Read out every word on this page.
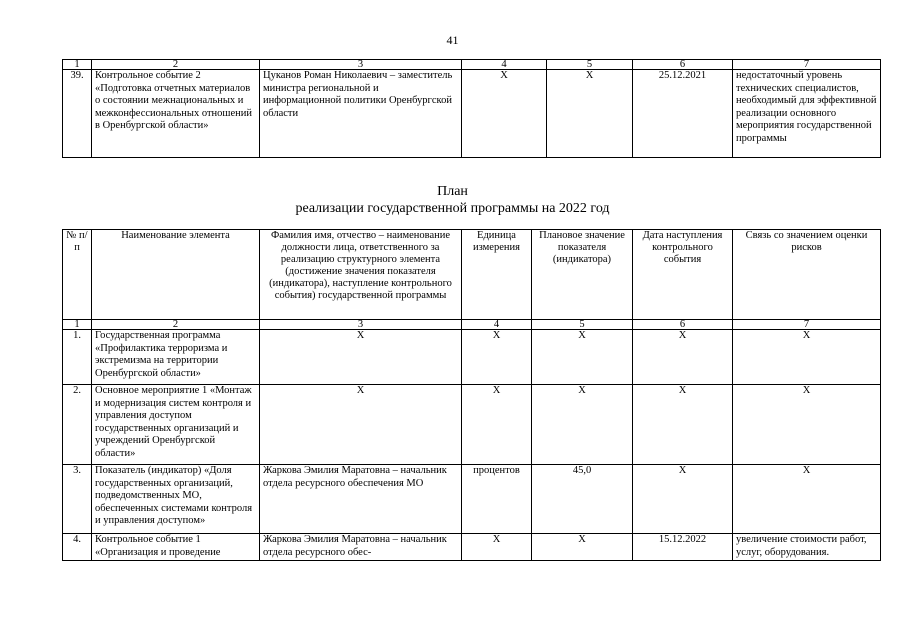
41
1	2	3	4	5	6	7
39.	Контрольное событие 2 «Подготовка отчетных материалов о состоянии межнациональных и межконфессиональных отношений в Оренбургской области»	Цуканов Роман Николаевич – заместитель министра региональной и информационной политики Оренбургской области	X	X	25.12.2021	недостаточный уровень технических специалистов, необходимый для эффективной реализации основного мероприятия государственной программы
План
реализации государственной программы на 2022 год
№ п/п	Наименование элемента	Фамилия имя, отчество – наименование должности лица, ответственного за реализацию структурного элемента (достижение значения показателя (индикатора), наступление контрольного события) государственной программы	Единица измерения	Плановое значение показателя (индикатора)	Дата наступления контрольного события	Связь со значением оценки рисков
1	2	3	4	5	6	7
1.	Государственная программа «Профилактика терроризма и экстремизма на территории Оренбургской области»	X	X	X	X	X
2.	Основное мероприятие 1 «Монтаж и модернизация систем контроля и управления доступом государственных организаций и учреждений Оренбургской области»	X	X	X	X	X
3.	Показатель (индикатор) «Доля государственных организаций, подведомственных МО, обеспеченных системами контроля и управления доступом»	Жаркова Эмилия Маратовна – начальник отдела ресурсного обеспечения МО	процентов	45,0	X	X
4.	Контрольное событие 1 «Организация и проведение	Жаркова Эмилия Маратовна – начальник отдела ресурсного обес-	X	X	15.12.2022	увеличение стоимости работ, услуг, оборудования.
